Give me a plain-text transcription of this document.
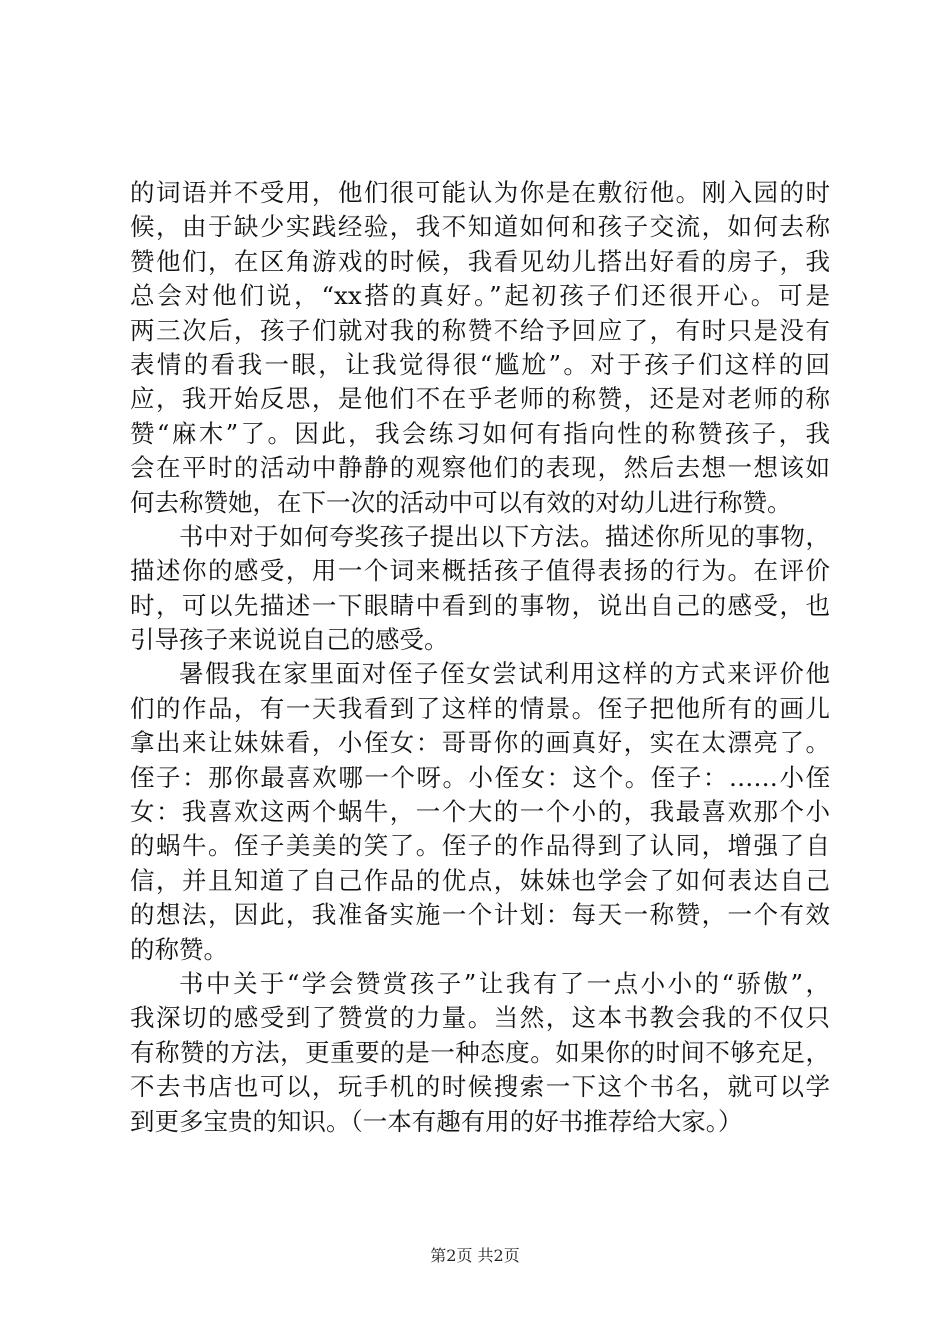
的词语并不受用，他们很可能认为你是在敷衍他。刚入园的时
候，由于缺少实践经验，我不知道如何和孩子交流，如何去称
赞他们，在区角游戏的时候，我看见幼儿搭出好看的房子，我
总会对他们说，“xx搭的真好。”起初孩子们还很开心。可是
两三次后，孩子们就对我的称赞不给予回应了，有时只是没有
表情的看我一眼，让我觉得很“尴尬”。对于孩子们这样的回
应，我开始反思，是他们不在乎老师的称赞，还是对老师的称
赞“麻木”了。因此，我会练习如何有指向性的称赞孩子，我
会在平时的活动中静静的观察他们的表现，然后去想一想该如
何去称赞她，在下一次的活动中可以有效的对幼儿进行称赞。
书中对于如何夸奖孩子提出以下方法。描述你所见的事物，
描述你的感受，用一个词来概括孩子值得表扬的行为。在评价
时，可以先描述一下眼睛中看到的事物，说出自己的感受，也
引导孩子来说说自己的感受。
暑假我在家里面对侄子侄女尝试利用这样的方式来评价他
们的作品，有一天我看到了这样的情景。侄子把他所有的画儿
拿出来让妹妹看，小侄女：哥哥你的画真好，实在太漂亮了。
侄子：那你最喜欢哪一个呀。小侄女：这个。侄子：……小侄
女：我喜欢这两个蜗牛，一个大的一个小的，我最喜欢那个小
的蜗牛。侄子美美的笑了。侄子的作品得到了认同，增强了自
信，并且知道了自己作品的优点，妹妹也学会了如何表达自己
的想法，因此，我准备实施一个计划：每天一称赞，一个有效
的称赞。
书中关于“学会赞赏孩子”让我有了一点小小的“骄傲”，
我深切的感受到了赞赏的力量。当然，这本书教会我的不仅只
有称赞的方法，更重要的是一种态度。如果你的时间不够充足，
不去书店也可以，玩手机的时候搜索一下这个书名，就可以学
到更多宝贵的知识。（一本有趣有用的好书推荐给大家。）
第2页 共2页
